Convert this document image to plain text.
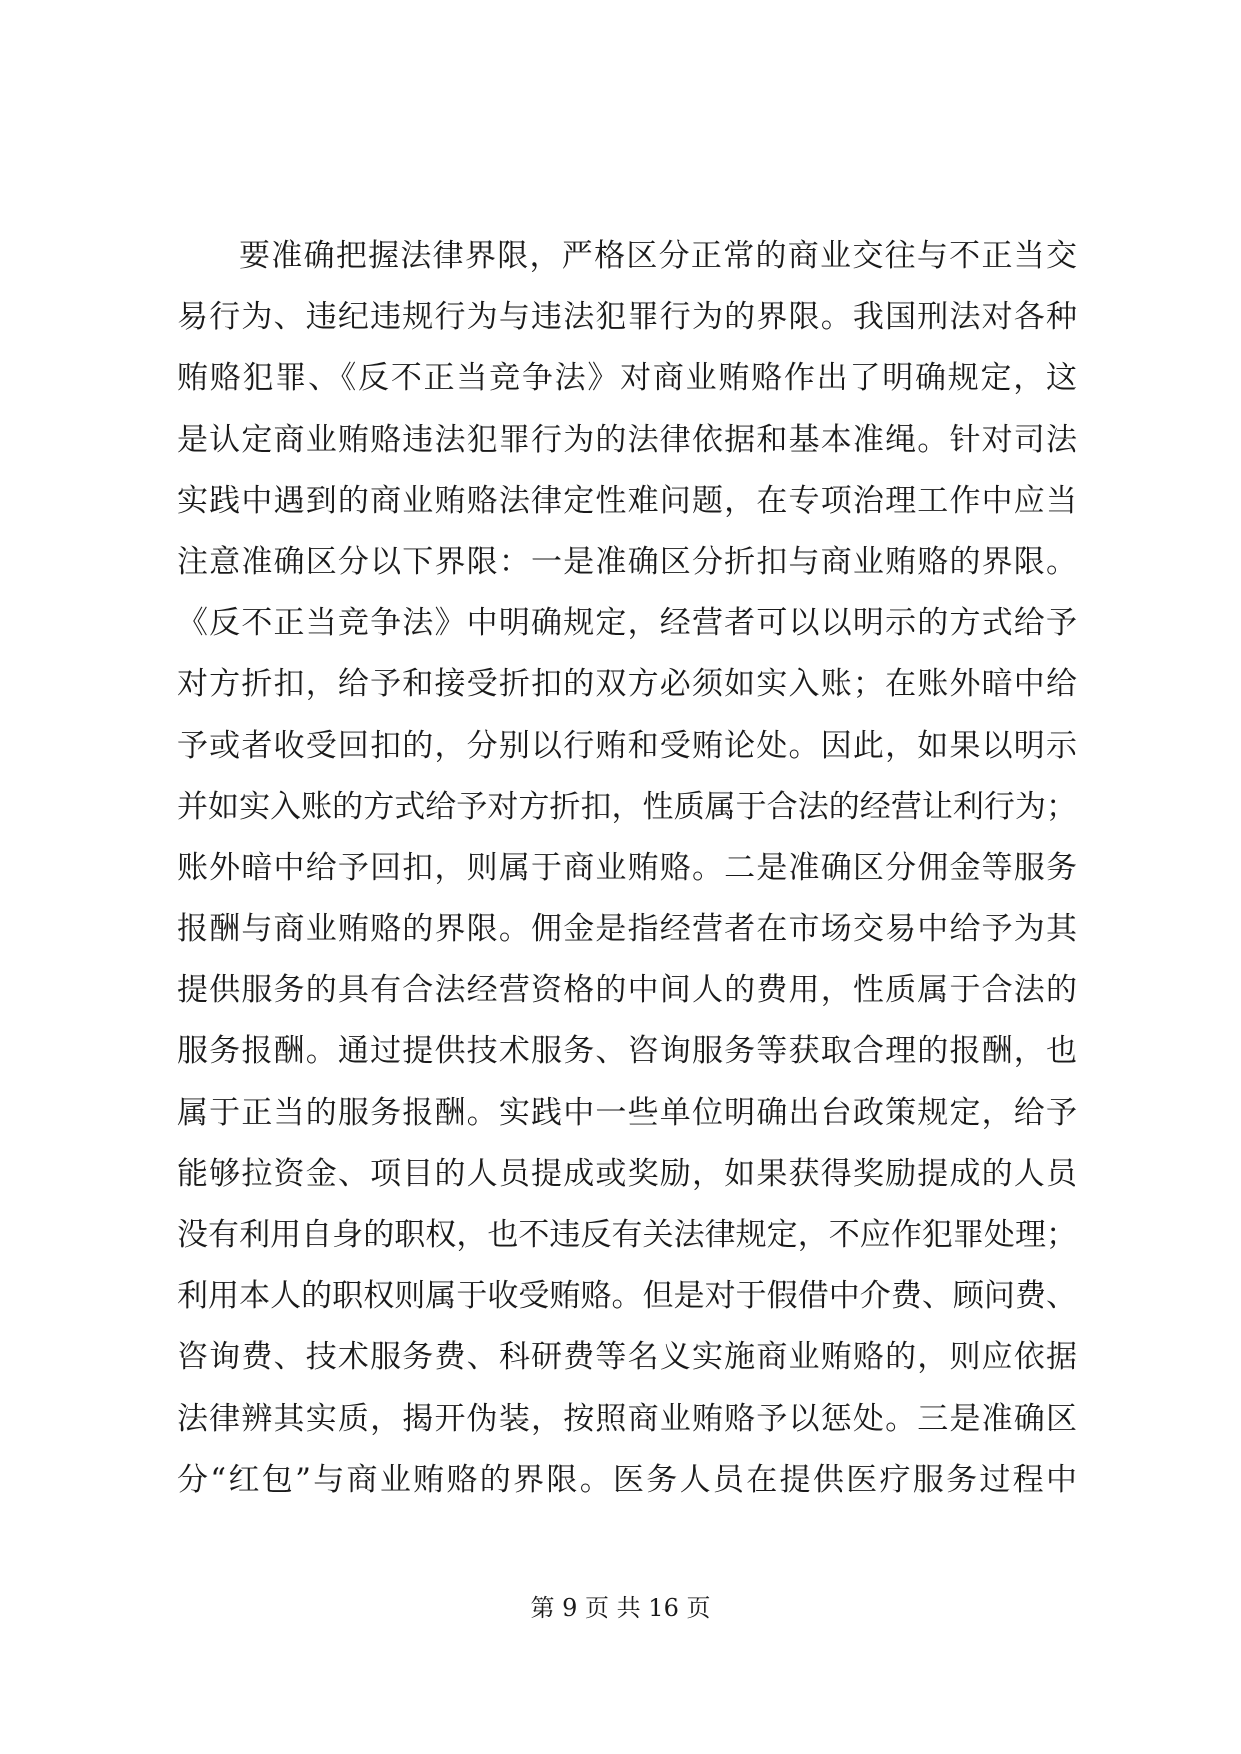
要准确把握法律界限，严格区分正常的商业交往与不正当交
易行为、违纪违规行为与违法犯罪行为的界限。我国刑法对各种
贿赂犯罪、《反不正当竞争法》对商业贿赂作出了明确规定，这
是认定商业贿赂违法犯罪行为的法律依据和基本准绳。针对司法
实践中遇到的商业贿赂法律定性难问题，在专项治理工作中应当
注意准确区分以下界限：一是准确区分折扣与商业贿赂的界限。
《反不正当竞争法》中明确规定，经营者可以以明示的方式给予
对方折扣，给予和接受折扣的双方必须如实入账；在账外暗中给
予或者收受回扣的，分别以行贿和受贿论处。因此，如果以明示
并如实入账的方式给予对方折扣，性质属于合法的经营让利行为；
账外暗中给予回扣，则属于商业贿赂。二是准确区分佣金等服务
报酬与商业贿赂的界限。佣金是指经营者在市场交易中给予为其
提供服务的具有合法经营资格的中间人的费用，性质属于合法的
服务报酬。通过提供技术服务、咨询服务等获取合理的报酬，也
属于正当的服务报酬。实践中一些单位明确出台政策规定，给予
能够拉资金、项目的人员提成或奖励，如果获得奖励提成的人员
没有利用自身的职权，也不违反有关法律规定，不应作犯罪处理；
利用本人的职权则属于收受贿赂。但是对于假借中介费、顾问费、
咨询费、技术服务费、科研费等名义实施商业贿赂的，则应依据
法律辨其实质，揭开伪装，按照商业贿赂予以惩处。三是准确区
分“红包”与商业贿赂的界限。医务人员在提供医疗服务过程中
第 9 页 共 16 页
